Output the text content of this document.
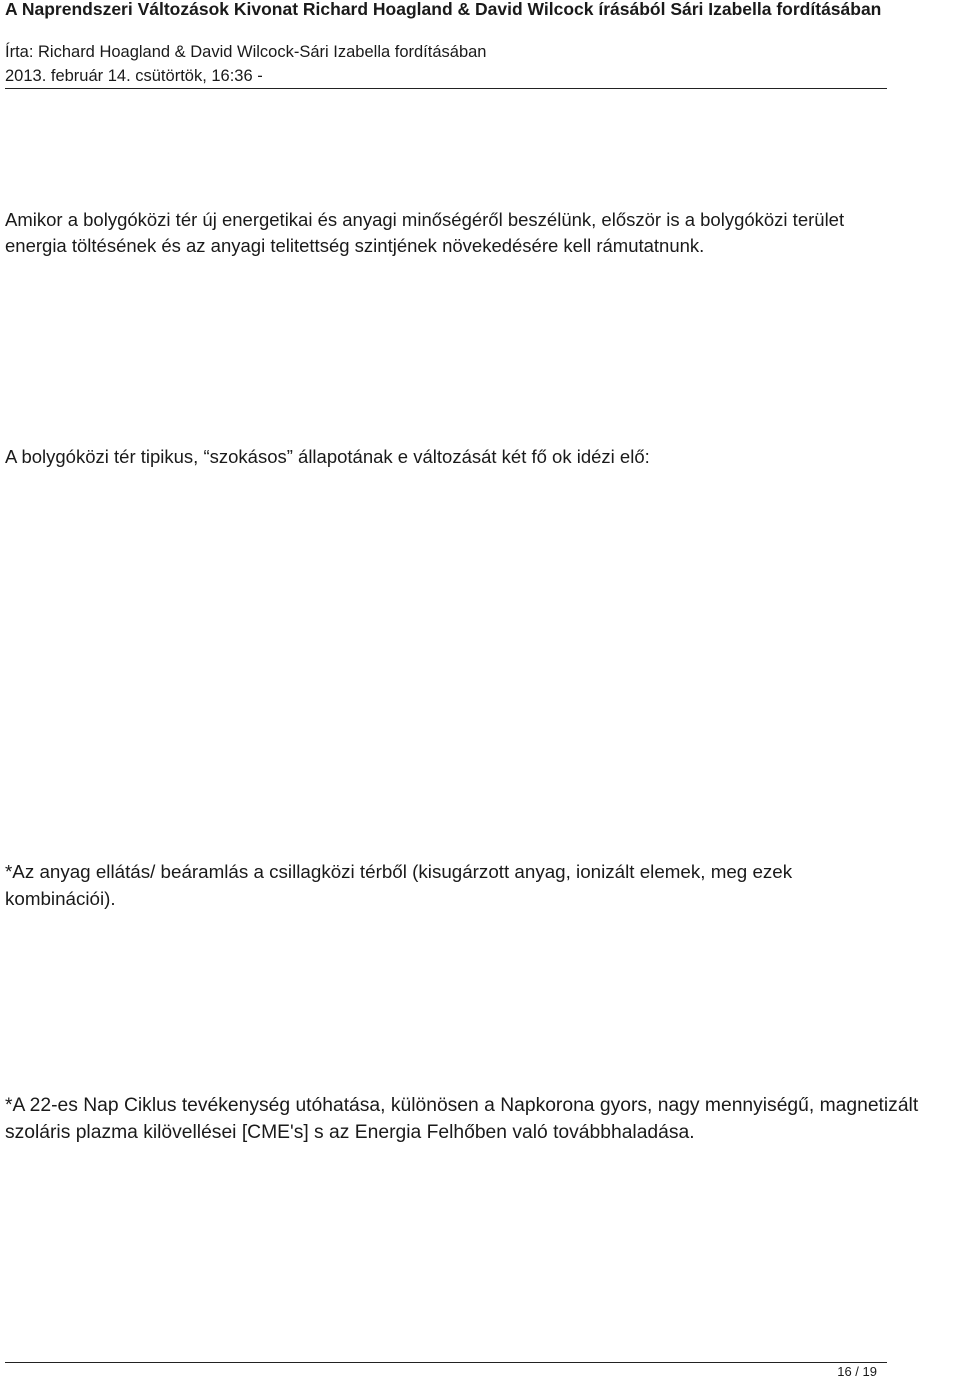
A Naprendszeri Változások Kivonat Richard Hoagland & David Wilcock írásából Sári Izabella fordításában
Írta: Richard Hoagland & David Wilcock-Sári Izabella fordításában
2013. február 14. csütörtök, 16:36 -

Amikor a bolygóközi tér új energetikai és anyagi minőségéről beszélünk, először is a bolygóközi terület energia töltésének és az anyagi telitettség szintjének növekedésére kell rámutatnunk.

A bolygóközi tér tipikus, “szokásos” állapotának e változását két fő ok idézi elő:

*Az anyag ellátás/ beáramlás a csillagközi térből (kisugárzott anyag, ionizált elemek, meg ezek kombinációi).

*A 22-es Nap Ciklus tevékenység utóhatása, különösen a Napkorona gyors, nagy mennyiségű, magnetizált szoláris plazma kilövellései [CME's] s az Energia Felhőben való továbbhaladása.

16 / 19
